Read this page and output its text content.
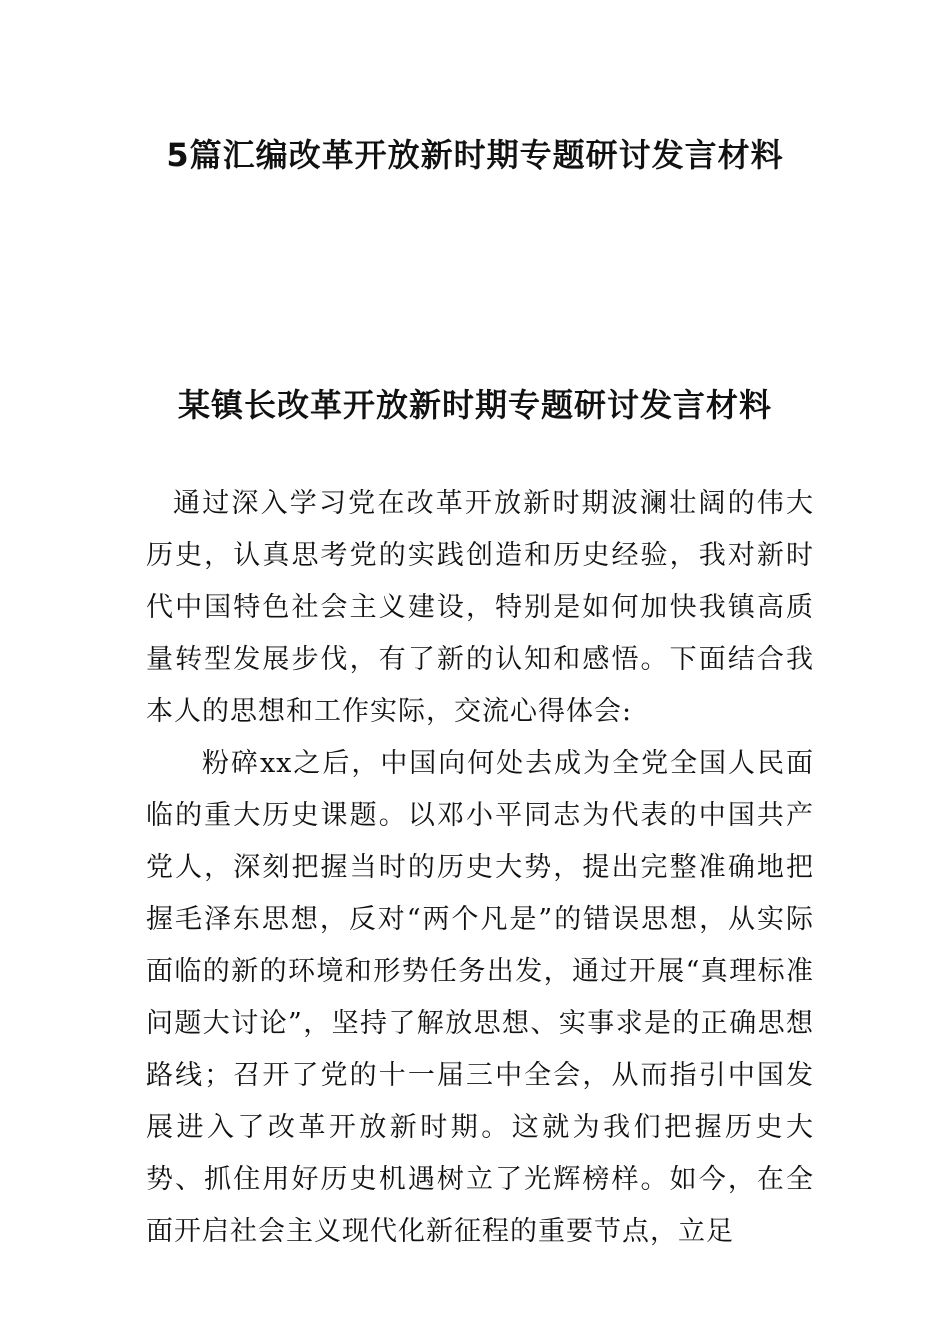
5篇汇编改革开放新时期专题研讨发言材料
某镇长改革开放新时期专题研讨发言材料

通过深入学习党在改革开放新时期波澜壮阔的伟大历史，认真思考党的实践创造和历史经验，我对新时代中国特色社会主义建设，特别是如何加快我镇高质量转型发展步伐，有了新的认知和感悟。下面结合我本人的思想和工作实际，交流心得体会:

粉碎xx之后，中国向何处去成为全党全国人民面临的重大历史课题。以邓小平同志为代表的中国共产党人，深刻把握当时的历史大势，提出完整准确地把握毛泽东思想，反对“两个凡是”的错误思想，从实际面临的新的环境和形势任务出发，通过开展“真理标准问题大讨论”，坚持了解放思想、实事求是的正确思想路线；召开了党的十一届三中全会，从而指引中国发展进入了改革开放新时期。这就为我们把握历史大势、抓住用好历史机遇树立了光辉榜样。如今，在全面开启社会主义现代化新征程的重要节点，立足
